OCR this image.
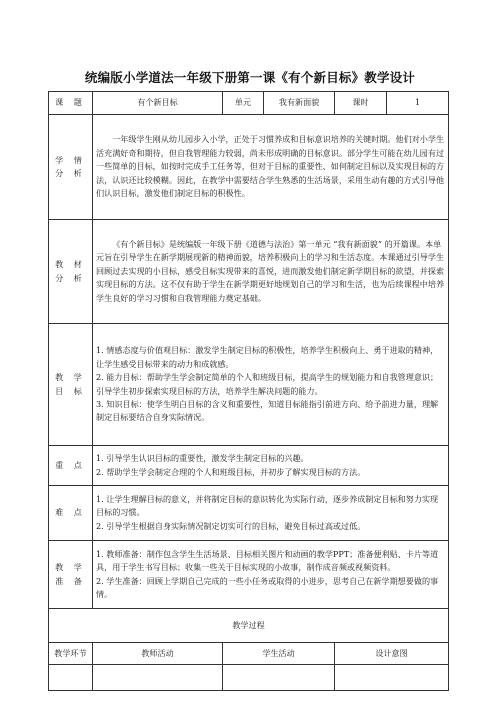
统编版小学道法一年级下册第一课《有个新目标》教学设计
课 题	有个新目标	单元	我有新面貌	课时	1

学 情
分 析	一年级学生刚从幼儿园步入小学，正处于习惯养成和目标意识培养的关键时期。他们对小学生活充满好奇和期待，但自我管理能力较弱，尚未形成明确的目标意识。部分学生可能在幼儿园有过一些简单的目标，如按时完成手工任务等，但对于目标的重要性、如何制定目标以及实现目标的方法，认识还比较模糊。因此，在教学中需要结合学生熟悉的生活场景，采用生动有趣的方式引导他们认识目标，激发他们制定目标的积极性。				

教 材
分 析	《有个新目标》是统编版一年级下册《道德与法治》第一单元 “我有新面貌” 的开篇课。本单元旨在引导学生在新学期展现新的精神面貌，培养积极向上的学习和生活态度。本课通过引导学生回顾过去实现的小目标，感受目标实现带来的喜悦，进而激发他们制定新学期目标的欲望，并探索实现目标的方法。这不仅有助于学生在新学期更好地规划自己的学习和生活，也为后续课程中培养学生良好的学习习惯和自我管理能力奠定基础。				

教 学
目 标	1. 情感态度与价值观目标：激发学生制定目标的积极性，培养学生积极向上、勇于进取的精神，让学生感受目标带来的动力和成就感。
2. 能力目标：帮助学生学会制定简单的个人和班级目标，提高学生的规划能力和自我管理意识；引导学生初步探索实现目标的方法，培养学生解决问题的能力。
3. 知识目标：使学生明白目标的含义和重要性，知道目标能指引前进方向、给予前进力量，理解制定目标要结合自身实际情况。				

重 点	1. 引导学生认识目标的重要性，激发学生制定目标的兴趣。
2. 帮助学生学会制定合理的个人和班级目标，并初步了解实现目标的方法。				

难 点	1. 让学生理解目标的意义，并将制定目标的意识转化为实际行动，逐步养成制定目标和努力实现目标的习惯。
2. 引导学生根据自身实际情况制定切实可行的目标，避免目标过高或过低。				

教 学
准 备	1. 教师准备：制作包含学生生活场景、目标相关图片和动画的教学PPT；准备便利贴、卡片等道具，用于学生书写目标；收集一些关于目标实现的小故事，制作成音频或视频资料。
2. 学生准备：回顾上学期自己完成的一些小任务或取得的小进步，思考自己在新学期想要做的事情。				

教学过程					
教学环节	教师活动	学生活动		设计意图	
